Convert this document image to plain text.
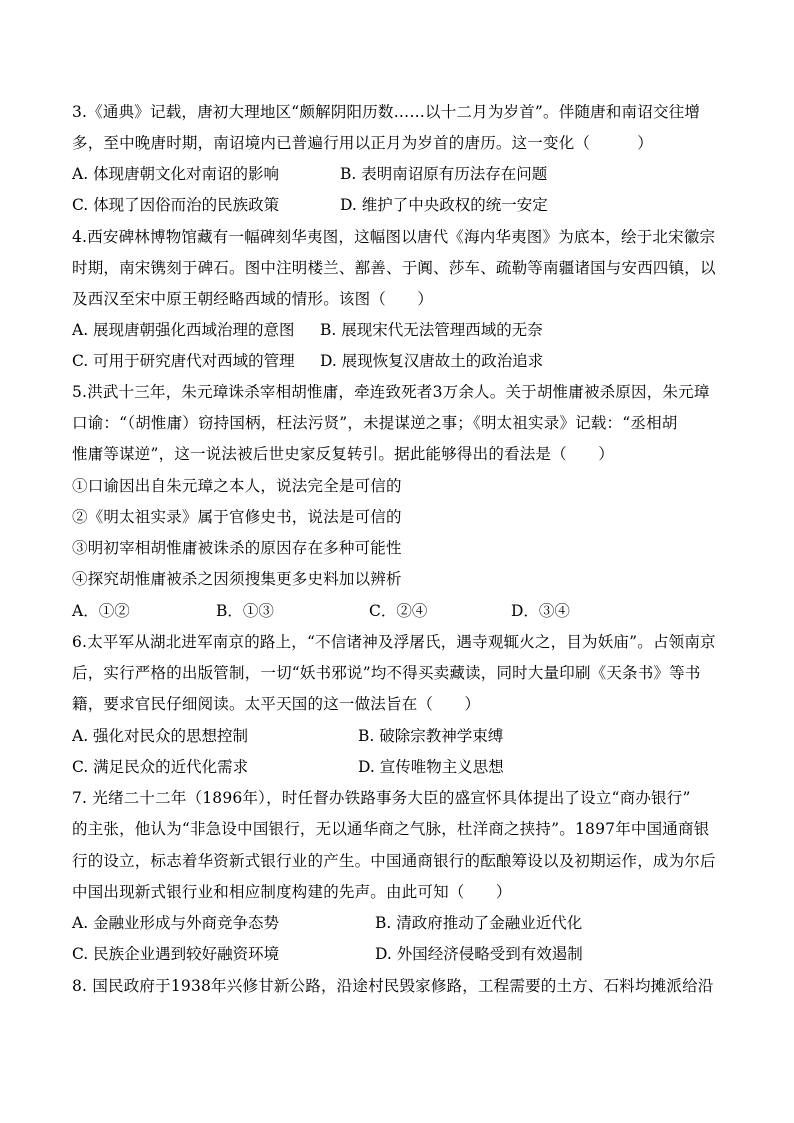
3.《通典》记载，唐初大理地区“颇解阴阳历数……以十二月为岁首”。伴随唐和南诏交往增
多，至中晚唐时期，南诏境内已普遍行用以正月为岁首的唐历。这一变化（　　　）
A. 体现唐朝文化对南诏的影响	B. 表明南诏原有历法存在问题
C. 体现了因俗而治的民族政策	D. 维护了中央政权的统一安定
4.西安碑林博物馆藏有一幅碑刻华夷图，这幅图以唐代《海内华夷图》为底本，绘于北宋徽宗
时期，南宋镌刻于碑石。图中注明楼兰、鄯善、于阗、莎车、疏勒等南疆诸国与安西四镇，以
及西汉至宋中原王朝经略西域的情形。该图（　　）
A. 展现唐朝强化西域治理的意图 B. 展现宋代无法管理西域的无奈
C. 可用于研究唐代对西域的管理 D. 展现恢复汉唐故土的政治追求
5.洪武十三年，朱元璋诛杀宰相胡惟庸，牵连致死者3万余人。关于胡惟庸被杀原因，朱元璋
口谕：“（胡惟庸）窃持国柄，枉法污贤”，未提谋逆之事；《明太祖实录》记载：“丞相胡
惟庸等谋逆”，这一说法被后世史家反复转引。据此能够得出的看法是（　　）
①口谕因出自朱元璋之本人，说法完全是可信的
②《明太祖实录》属于官修史书，说法是可信的
③明初宰相胡惟庸被诛杀的原因存在多种可能性
④探究胡惟庸被杀之因须搜集更多史料加以辨析
A．①②	B．①③	C．②④	D．③④
6.太平军从湖北进军南京的路上，“不信诸神及浮屠氏，遇寺观辄火之，目为妖庙”。占领南京
后，实行严格的出版管制，一切“妖书邪说”均不得买卖藏读，同时大量印刷《天条书》等书
籍，要求官民仔细阅读。太平天国的这一做法旨在（　　）
A. 强化对民众的思想控制	B. 破除宗教神学束缚
C. 满足民众的近代化需求	D. 宣传唯物主义思想
7. 光绪二十二年（1896年），时任督办铁路事务大臣的盛宣怀具体提出了设立“商办银行”
的主张，他认为“非急设中国银行，无以通华商之气脉，杜洋商之挟持”。1897年中国通商银
行的设立，标志着华资新式银行业的产生。中国通商银行的酝酿筹设以及初期运作，成为尔后
中国出现新式银行业和相应制度构建的先声。由此可知（　　）
A. 金融业形成与外商竞争态势	B. 清政府推动了金融业近代化
C. 民族企业遇到较好融资环境	D. 外国经济侵略受到有效遏制
8. 国民政府于1938年兴修甘新公路，沿途村民毁家修路，工程需要的土方、石料均摊派给沿
